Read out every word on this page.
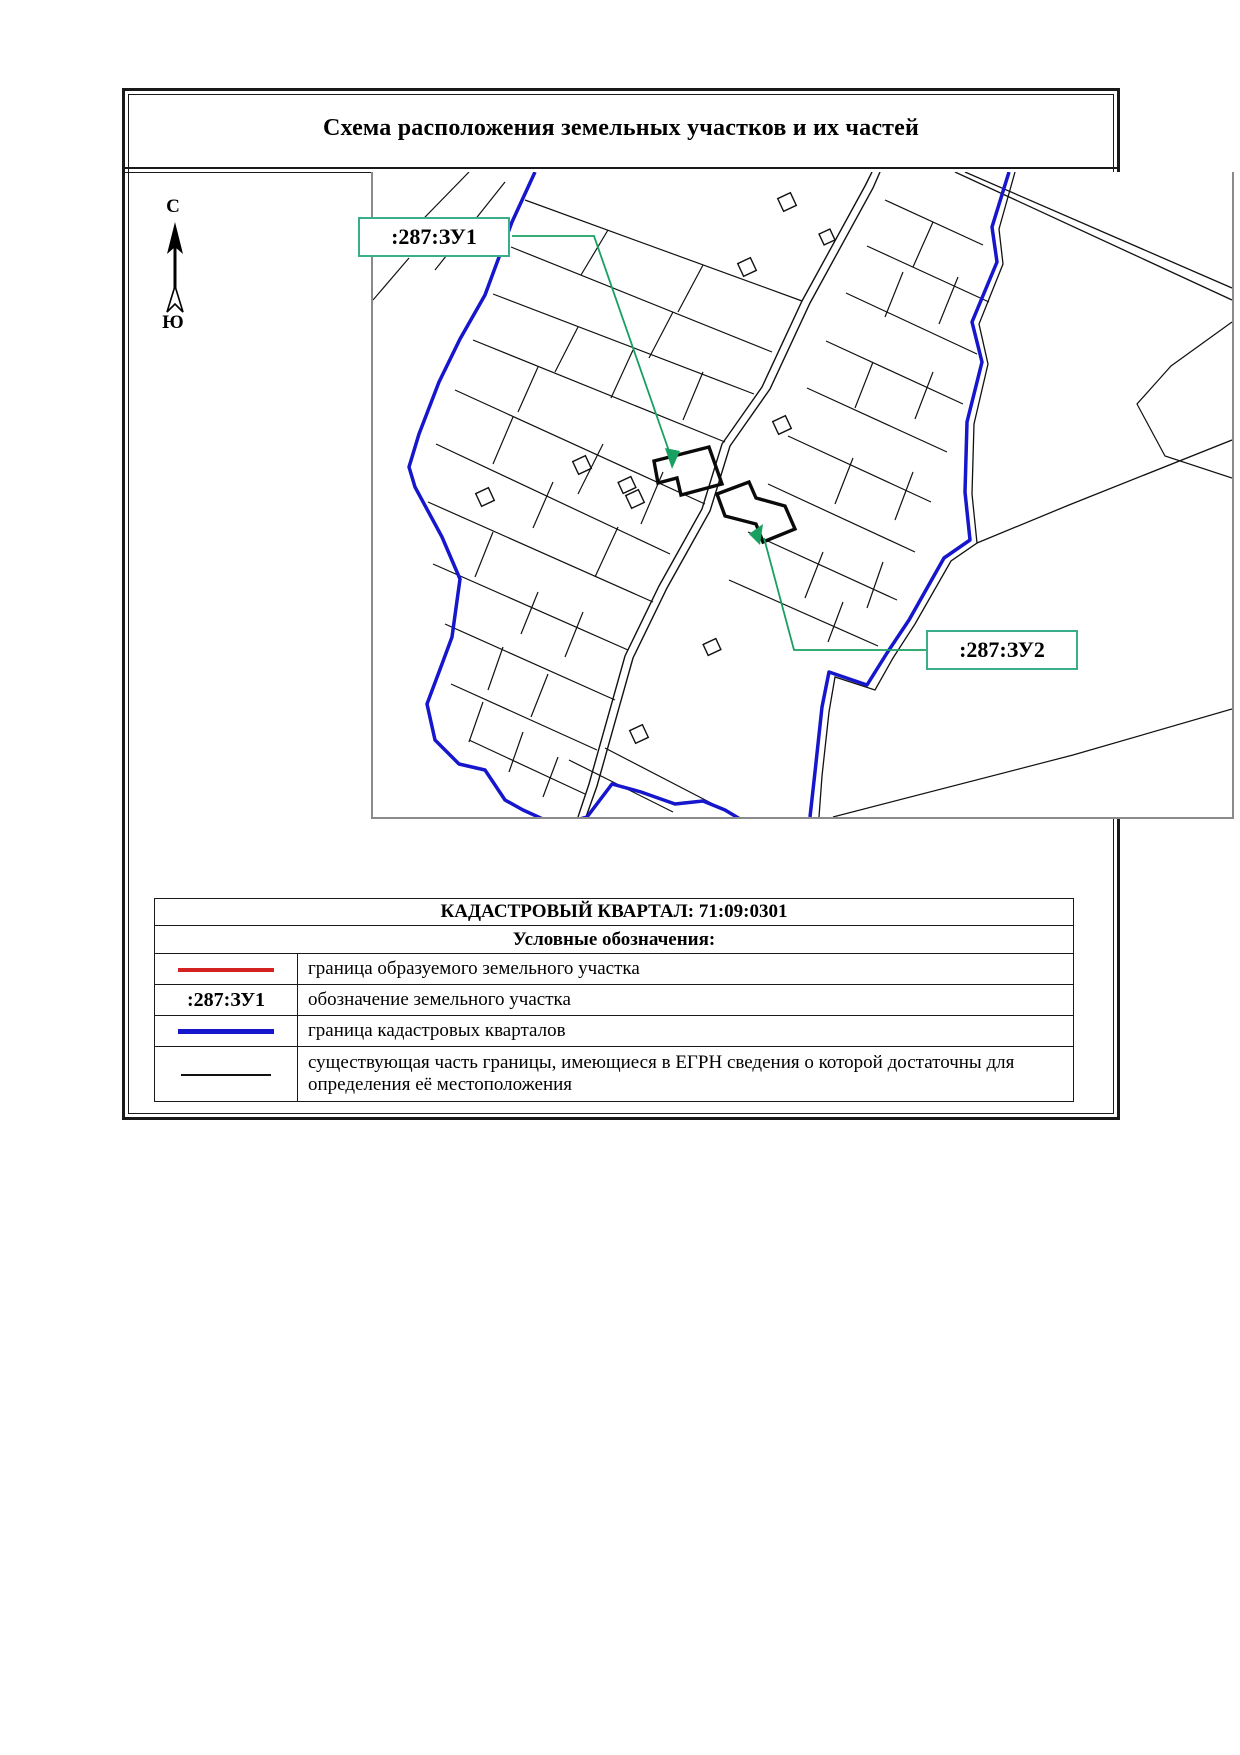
Схема расположения земельных участков и их частей
:287:ЗУ1
:287:ЗУ2
КАДАСТРОВЫЙ КВАРТАЛ: 71:09:0301	
Условные обозначения:	
	граница образуемого земельного участка
:287:ЗУ1	обозначение земельного участка
	граница кадастровых кварталов
	существующая часть границы, имеющиеся в ЕГРН сведения о которой достаточны для определения её местоположения
С
Ю
